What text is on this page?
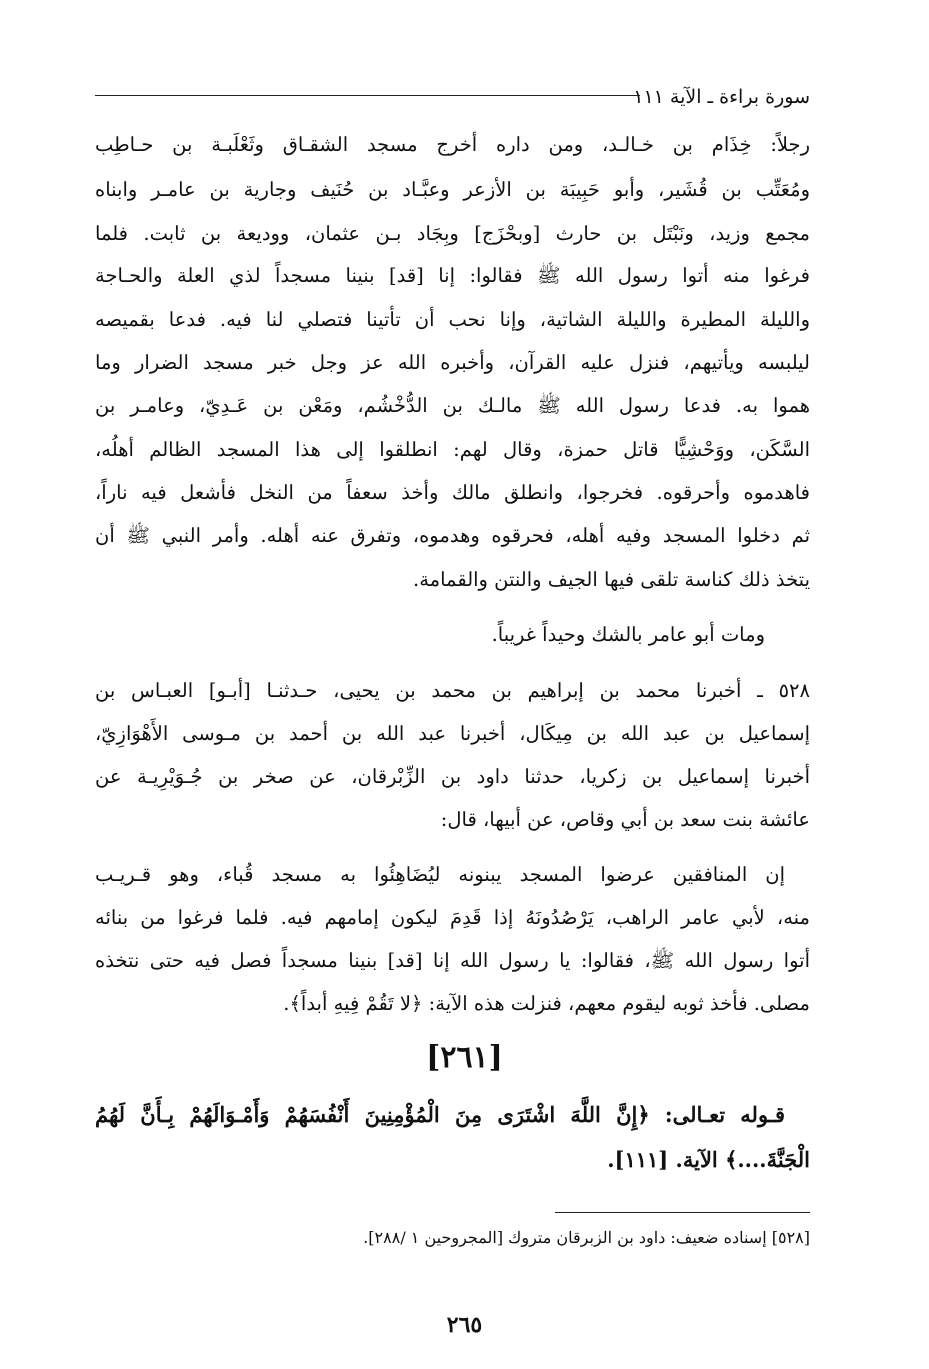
سورة براءة ـ الآية ١١١
رجلاً: خِذَام بن خـالـد، ومن داره أخرج مسجد الشقـاق وثَعْلَبـة بن حـاطِب
ومُعَتِّب بن قُشَير، وأبو حَبِيبَة بن الأزعر وعبَّـاد بن حُنَيف وجارية بن عامـر وابناه
مجمع وزيد، ونَبْتَل بن حارث [وبحْزَج] وبِجَاد بـن عثمان، ووديعة بن ثابت. فلما
فرغوا منه أتوا رسول الله ﷺ فقالوا: إنا [قد] بنينا مسجداً لذي العلة والحـاجة
والليلة المطيرة والليلة الشاتية، وإنا نحب أن تأتينا فتصلي لنا فيه. فدعا بقميصه
ليلبسه ويأتيهم، فنزل عليه القرآن، وأخبره الله عز وجل خبر مسجد الضرار وما
هموا به. فدعا رسول الله ﷺ مالـك بن الدُّخْشُم، ومَعْن بن عَـدِيّ، وعامـر بن
السَّكَن، ووَحْشِيًّا قاتل حمزة، وقال لهم: انطلقوا إلى هذا المسجد الظالم أهلُه،
فاهدموه وأحرقوه. فخرجوا، وانطلق مالك وأخذ سعفاً من النخل فأشعل فيه ناراً،
ثم دخلوا المسجد وفيه أهله، فحرقوه وهدموه، وتفرق عنه أهله. وأمر النبي ﷺ أن
يتخذ ذلك كناسة تلقى فيها الجيف والنتن والقمامة.
ومات أبو عامر بالشك وحيداً غريباً.
٥٢٨ ـ أخبرنا محمد بن إبراهيم بن محمد بن يحيى، حـدثنـا [أبـو] العبـاس بن
إسماعيل بن عبد الله بن مِيكَال، أخبرنا عبد الله بن أحمد بن مـوسى الأَهْوَازِيّ،
أخبرنا إسماعيل بن زكريا، حدثنا داود بن الزِّبْرقان، عن صخر بن جُـوَيْرِيـة عن
عائشة بنت سعد بن أبي وقاص، عن أبيها، قال:
إن المنافقين عرضوا المسجد يبنونه ليُضَاهِئُوا به مسجد قُباء، وهو قـريـب
منه، لأبي عامر الراهب، يَرْصُدُونَهُ إذا قَدِمَ ليكون إمامهم فيه. فلما فرغوا من بنائه
أتوا رسول الله ﷺ، فقالوا: يا رسول الله إنا [قد] بنينا مسجداً فصل فيه حتى نتخذه
مصلى. فأخذ ثوبه ليقوم معهم، فنزلت هذه الآية: ﴿لا تَقُمْ فِيهِ أبداً﴾.
[٢٦١]
قـوله تعـالى: ﴿إِنَّ اللَّهَ اشْتَرَى مِنَ الْمُؤْمِنِينَ أَنْفُسَهُمْ وَأَمْـوَالَهُمْ بِـأَنَّ لَهُمُ
الْجَنَّةَ....﴾ الآية. [١١١].
[٥٢٨] إسناده ضعيف: داود بن الزبرقان متروك [المجروحين ١ /٢٨٨].
٢٦٥
